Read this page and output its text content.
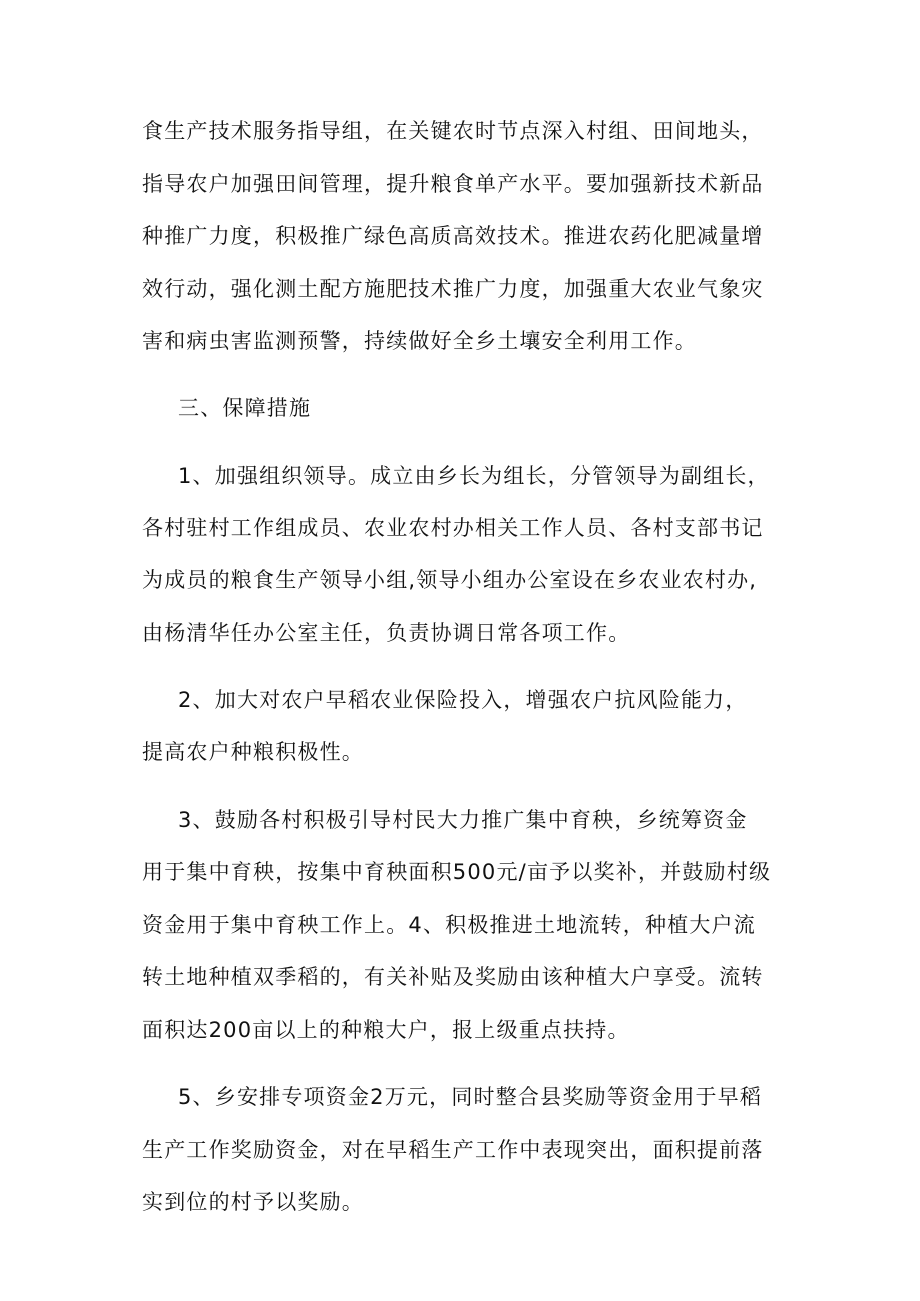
食生产技术服务指导组，在关键农时节点深入村组、田间地头，
指导农户加强田间管理，提升粮食单产水平。要加强新技术新品
种推广力度，积极推广绿色高质高效技术。推进农药化肥减量增
效行动，强化测土配方施肥技术推广力度，加强重大农业气象灾
害和病虫害监测预警，持续做好全乡土壤安全利用工作。
三、保障措施
1、加强组织领导。成立由乡长为组长，分管领导为副组长，
各村驻村工作组成员、农业农村办相关工作人员、各村支部书记
为成员的粮食生产领导小组,领导小组办公室设在乡农业农村办,
由杨清华任办公室主任，负责协调日常各项工作。
2、加大对农户早稻农业保险投入，增强农户抗风险能力，
提高农户种粮积极性。
3、鼓励各村积极引导村民大力推广集中育秧，乡统筹资金
用于集中育秧，按集中育秧面积500元/亩予以奖补，并鼓励村级
资金用于集中育秧工作上。4、积极推进土地流转，种植大户流
转土地种植双季稻的，有关补贴及奖励由该种植大户享受。流转
面积达200亩以上的种粮大户，报上级重点扶持。
5、乡安排专项资金2万元，同时整合县奖励等资金用于早稻
生产工作奖励资金，对在早稻生产工作中表现突出，面积提前落
实到位的村予以奖励。
